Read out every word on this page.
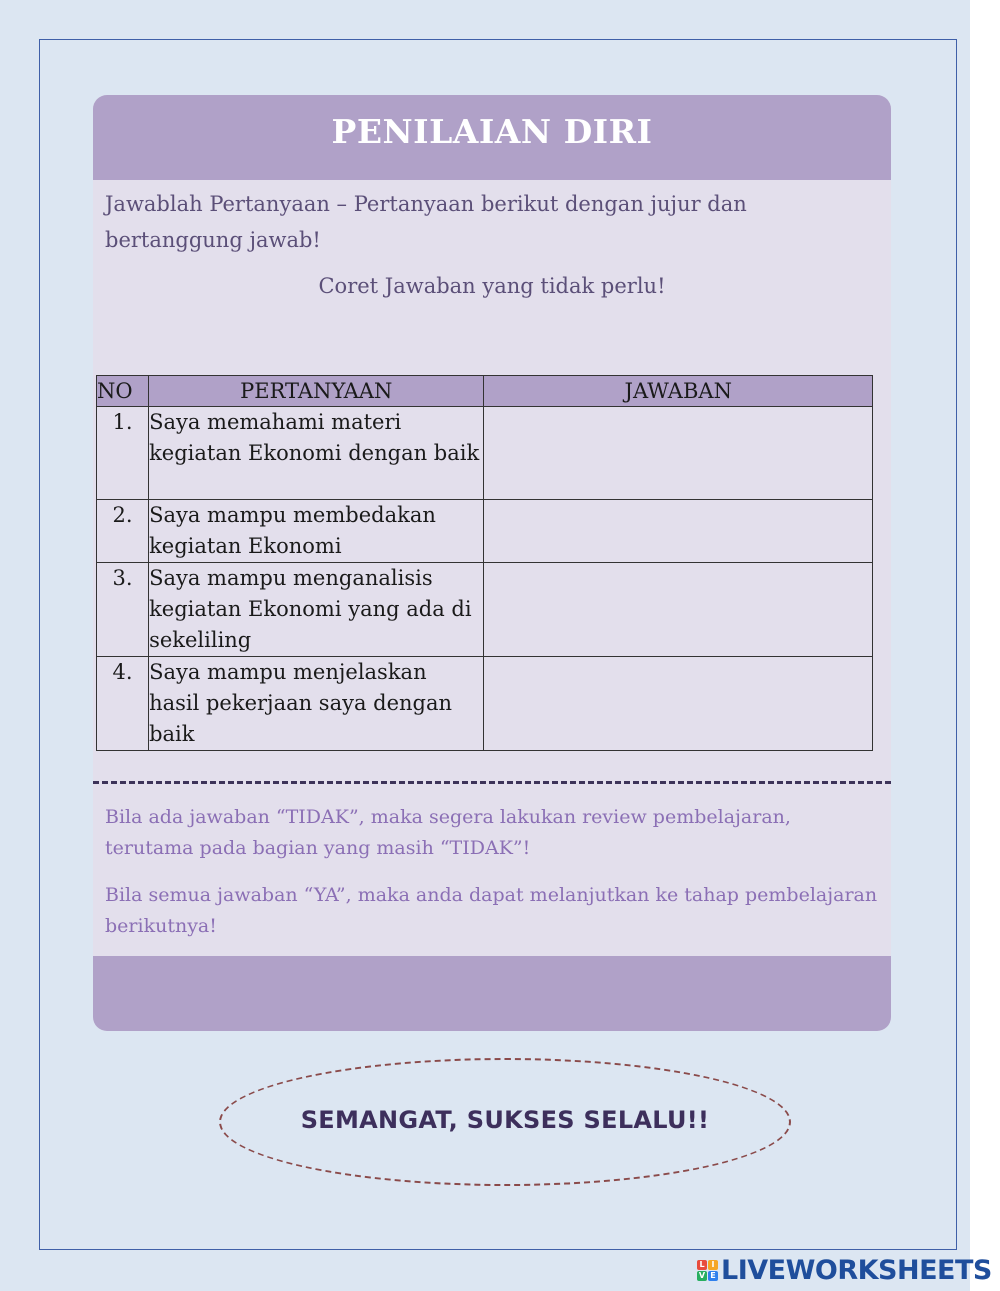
PENILAIAN DIRI

Jawablah Pertanyaan – Pertanyaan berikut dengan jujur dan bertanggung jawab!

Coret Jawaban yang tidak perlu!

NO	PERTANYAAN	JAWABAN
1.	Saya memahami materi kegiatan Ekonomi dengan baik	
2.	Saya mampu membedakan kegiatan Ekonomi	
3.	Saya mampu menganalisis kegiatan Ekonomi yang ada di sekeliling	
4.	Saya mampu menjelaskan hasil pekerjaan saya dengan baik	

Bila ada jawaban “TIDAK”, maka segera lakukan review pembelajaran, terutama pada bagian yang masih “TIDAK”!

Bila semua jawaban “YA”, maka anda dapat melanjutkan ke tahap pembelajaran berikutnya!

SEMANGAT, SUKSES SELALU!!
L I
V E LIVEWORKSHEETS
